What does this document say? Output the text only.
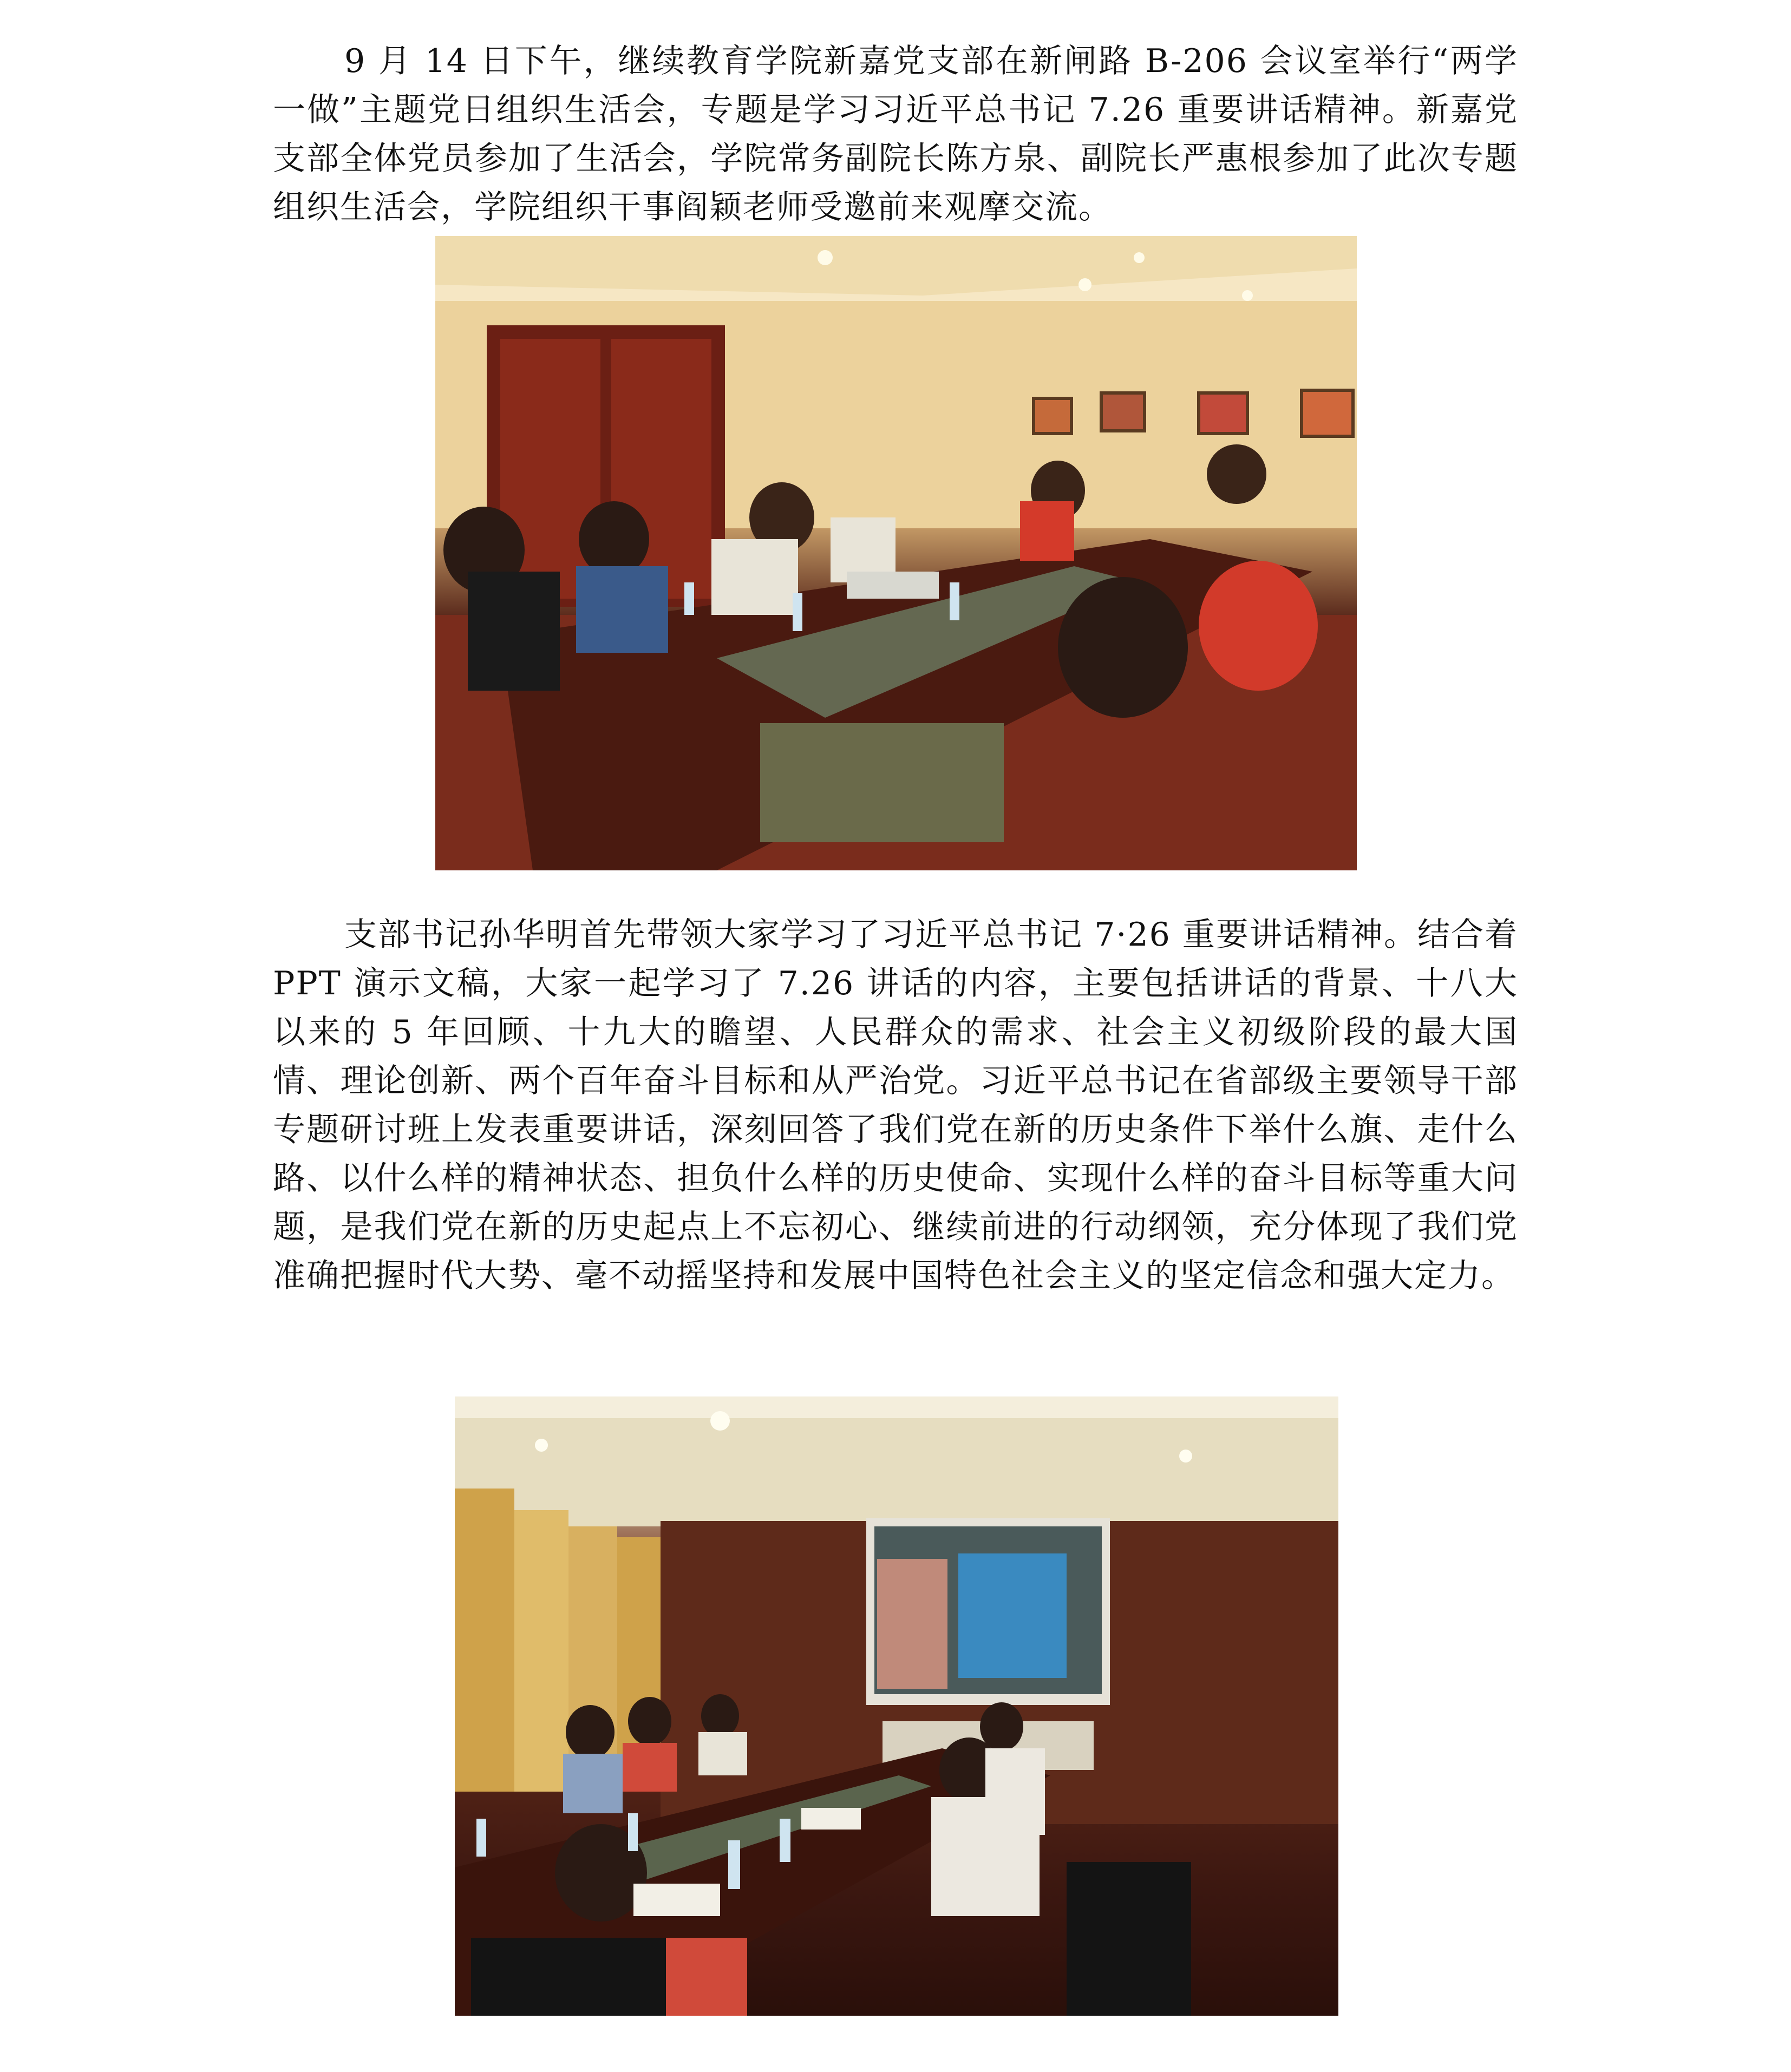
9 月 14 日下午，继续教育学院新嘉党支部在新闸路 B-206 会议室举行“两学一做”主题党日组织生活会，专题是学习习近平总书记 7.26 重要讲话精神。新嘉党支部全体党员参加了生活会，学院常务副院长陈方泉、副院长严惠根参加了此次专题组织生活会，学院组织干事阎颖老师受邀前来观摩交流。

支部书记孙华明首先带领大家学习了习近平总书记 7·26 重要讲话精神。结合着 PPT 演示文稿，大家一起学习了 7.26 讲话的内容，主要包括讲话的背景、十八大以来的 5 年回顾、十九大的瞻望、人民群众的需求、社会主义初级阶段的最大国情、理论创新、两个百年奋斗目标和从严治党。习近平总书记在省部级主要领导干部专题研讨班上发表重要讲话，深刻回答了我们党在新的历史条件下举什么旗、走什么路、以什么样的精神状态、担负什么样的历史使命、实现什么样的奋斗目标等重大问题，是我们党在新的历史起点上不忘初心、继续前进的行动纲领，充分体现了我们党准确把握时代大势、毫不动摇坚持和发展中国特色社会主义的坚定信念和强大定力。
